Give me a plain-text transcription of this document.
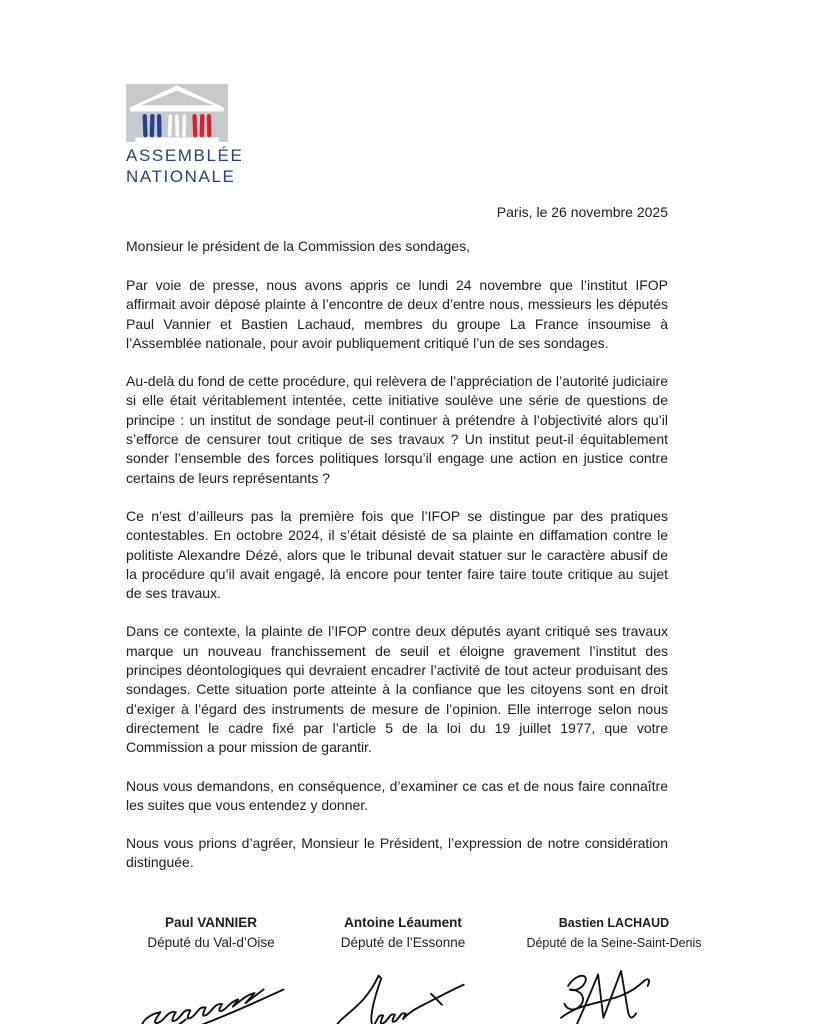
ASSEMBLÉE
NATIONALE
Paris, le 26 novembre 2025
Monsieur le président de la Commission des sondages,

Par voie de presse, nous avons appris ce lundi 24 novembre que l’institut IFOP affirmait avoir déposé plainte à l’encontre de deux d’entre nous, messieurs les députés Paul Vannier et Bastien Lachaud, membres du groupe La France insoumise à l’Assemblée nationale, pour avoir publiquement critiqué l’un de ses sondages.

Au-delà du fond de cette procédure, qui relèvera de l’appréciation de l’autorité judiciaire si elle était véritablement intentée, cette initiative soulève une série de questions de principe : un institut de sondage peut-il continuer à prétendre à l’objectivité alors qu’il s’efforce de censurer tout critique de ses travaux ? Un institut peut-il équitablement sonder l’ensemble des forces politiques lorsqu’il engage une action en justice contre certains de leurs représentants ?

Ce n’est d’ailleurs pas la première fois que l’IFOP se distingue par des pratiques contestables. En octobre 2024, il s’était désisté de sa plainte en diffamation contre le politiste Alexandre Dézé, alors que le tribunal devait statuer sur le caractère abusif de la procédure qu’il avait engagé, là encore pour tenter faire taire toute critique au sujet de ses travaux.

Dans ce contexte, la plainte de l’IFOP contre deux députés ayant critiqué ses travaux marque un nouveau franchissement de seuil et éloigne gravement l’institut des principes déontologiques qui devraient encadrer l’activité de tout acteur produisant des sondages. Cette situation porte atteinte à la confiance que les citoyens sont en droit d’exiger à l’égard des instruments de mesure de l’opinion. Elle interroge selon nous directement le cadre fixé par l’article 5 de la loi du 19 juillet 1977, que votre Commission a pour mission de garantir.

Nous vous demandons, en conséquence, d’examiner ce cas et de nous faire connaître les suites que vous entendez y donner.

Nous vous prions d’agréer, Monsieur le Président, l’expression de notre considération distinguée.

Paul VANNIER
Député du Val-d’Oise
Antoine Léaument
Député de l’Essonne
Bastien LACHAUD
Député de la Seine-Saint-Denis
